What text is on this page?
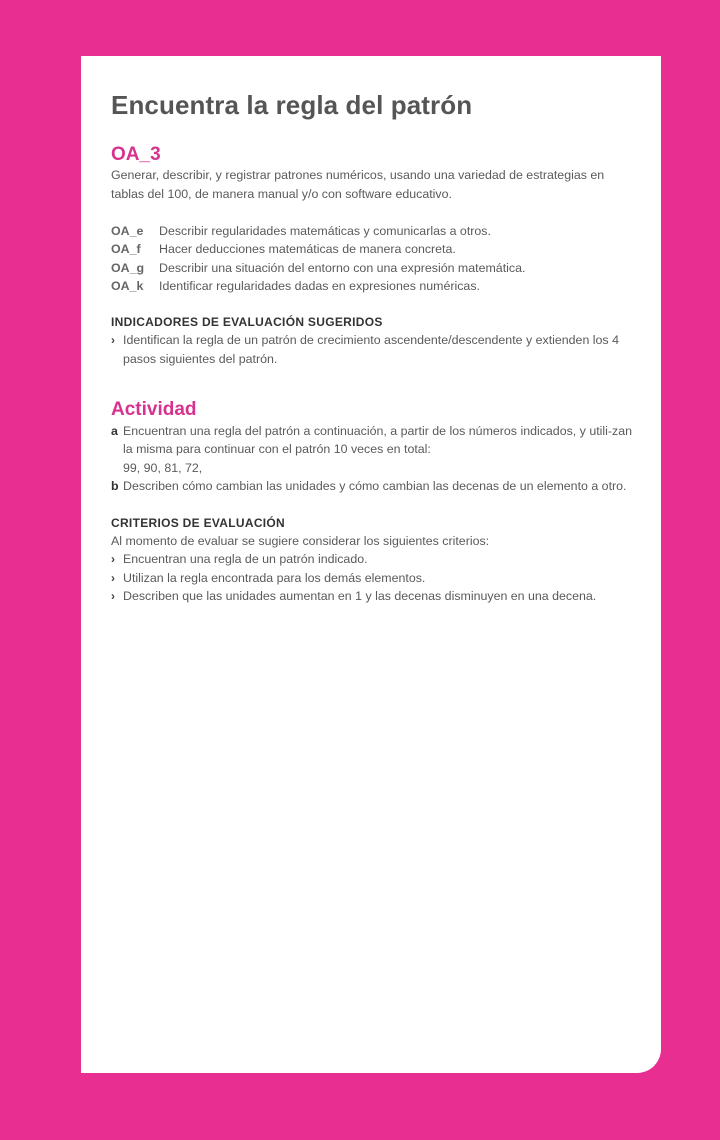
Encuentra la regla del patrón
OA_3

Generar, describir, y registrar patrones numéricos, usando una variedad de estrategias en tablas del 100, de manera manual y/o con software educativo.

OA_e Describir regularidades matemáticas y comunicarlas a otros.
OA_f Hacer deducciones matemáticas de manera concreta.
OA_g Describir una situación del entorno con una expresión matemática.
OA_k Identificar regularidades dadas en expresiones numéricas.
INDICADORES DE EVALUACIÓN SUGERIDOS
› Identifican la regla de un patrón de crecimiento ascendente/descendente y extienden los 4 pasos siguientes del patrón.
Actividad
a Encuentran una regla del patrón a continuación, a partir de los números indicados, y utili-zan la misma para continuar con el patrón 10 veces en total:
99, 90, 81, 72,
b Describen cómo cambian las unidades y cómo cambian las decenas de un elemento a otro.
CRITERIOS DE EVALUACIÓN

Al momento de evaluar se sugiere considerar los siguientes criterios:

› Encuentran una regla de un patrón indicado.
› Utilizan la regla encontrada para los demás elementos.
› Describen que las unidades aumentan en 1 y las decenas disminuyen en una decena.
